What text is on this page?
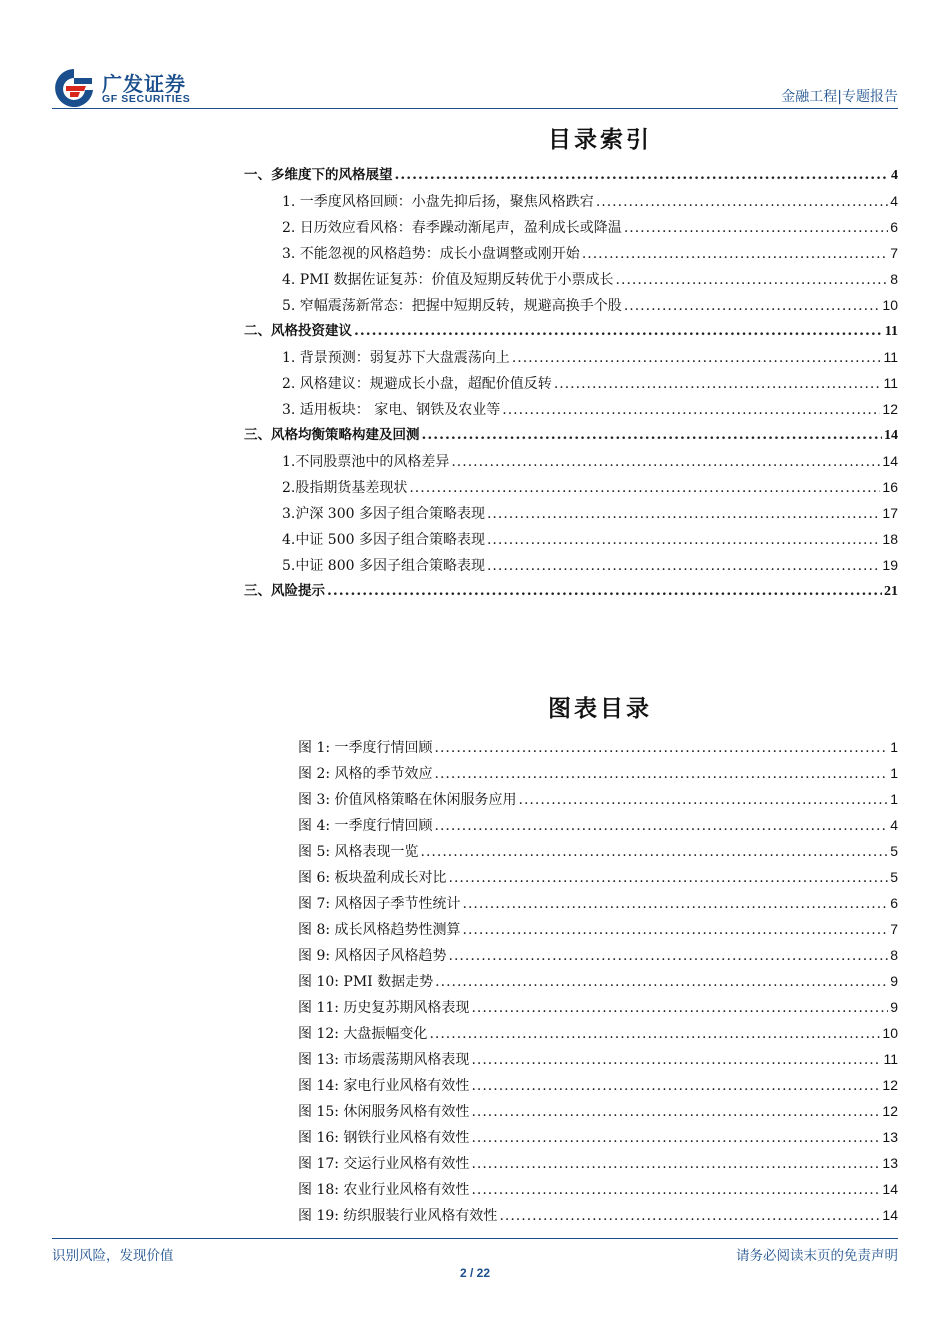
广发证券
GF SECURITIES	金融工程|专题报告
目录索引
一、多维度下的风格展望 .....	4
1. 一季度风格回顾：小盘先抑后扬，聚焦风格跌宕 .....	4
2. 日历效应看风格：春季躁动渐尾声，盈利成长或降温 .....	6
3. 不能忽视的风格趋势：成长小盘调整或刚开始 .....	7
4. PMI 数据佐证复苏：价值及短期反转优于小票成长 .....	8
5. 窄幅震荡新常态：把握中短期反转，规避高换手个股 .....	10
二、风格投资建议 .....	11
1. 背景预测：弱复苏下大盘震荡向上 .....	11
2. 风格建议：规避成长小盘，超配价值反转 .....	11
3. 适用板块： 家电、钢铁及农业等 .....	12
三、风格均衡策略构建及回测 .....	14
1.不同股票池中的风格差异 .....	14
2.股指期货基差现状 .....	16
3.沪深 300 多因子组合策略表现 .....	17
4.中证 500 多因子组合策略表现 .....	18
5.中证 800 多因子组合策略表现 .....	19
三、风险提示 .....	21
图表目录
图 1: 一季度行情回顾 .....	1
图 2: 风格的季节效应 .....	1
图 3: 价值风格策略在休闲服务应用 .....	1
图 4: 一季度行情回顾 .....	4
图 5: 风格表现一览 .....	5
图 6: 板块盈利成长对比 .....	5
图 7: 风格因子季节性统计 .....	6
图 8: 成长风格趋势性测算 .....	7
图 9: 风格因子风格趋势 .....	8
图 10: PMI 数据走势 .....	9
图 11: 历史复苏期风格表现 .....	9
图 12: 大盘振幅变化 .....	10
图 13: 市场震荡期风格表现 .....	11
图 14: 家电行业风格有效性 .....	12
图 15: 休闲服务风格有效性 .....	12
图 16: 钢铁行业风格有效性 .....	13
图 17: 交运行业风格有效性 .....	13
图 18: 农业行业风格有效性 .....	14
图 19: 纺织服装行业风格有效性 .....	14
识别风险，发现价值	请务必阅读末页的免责声明
2 / 22
